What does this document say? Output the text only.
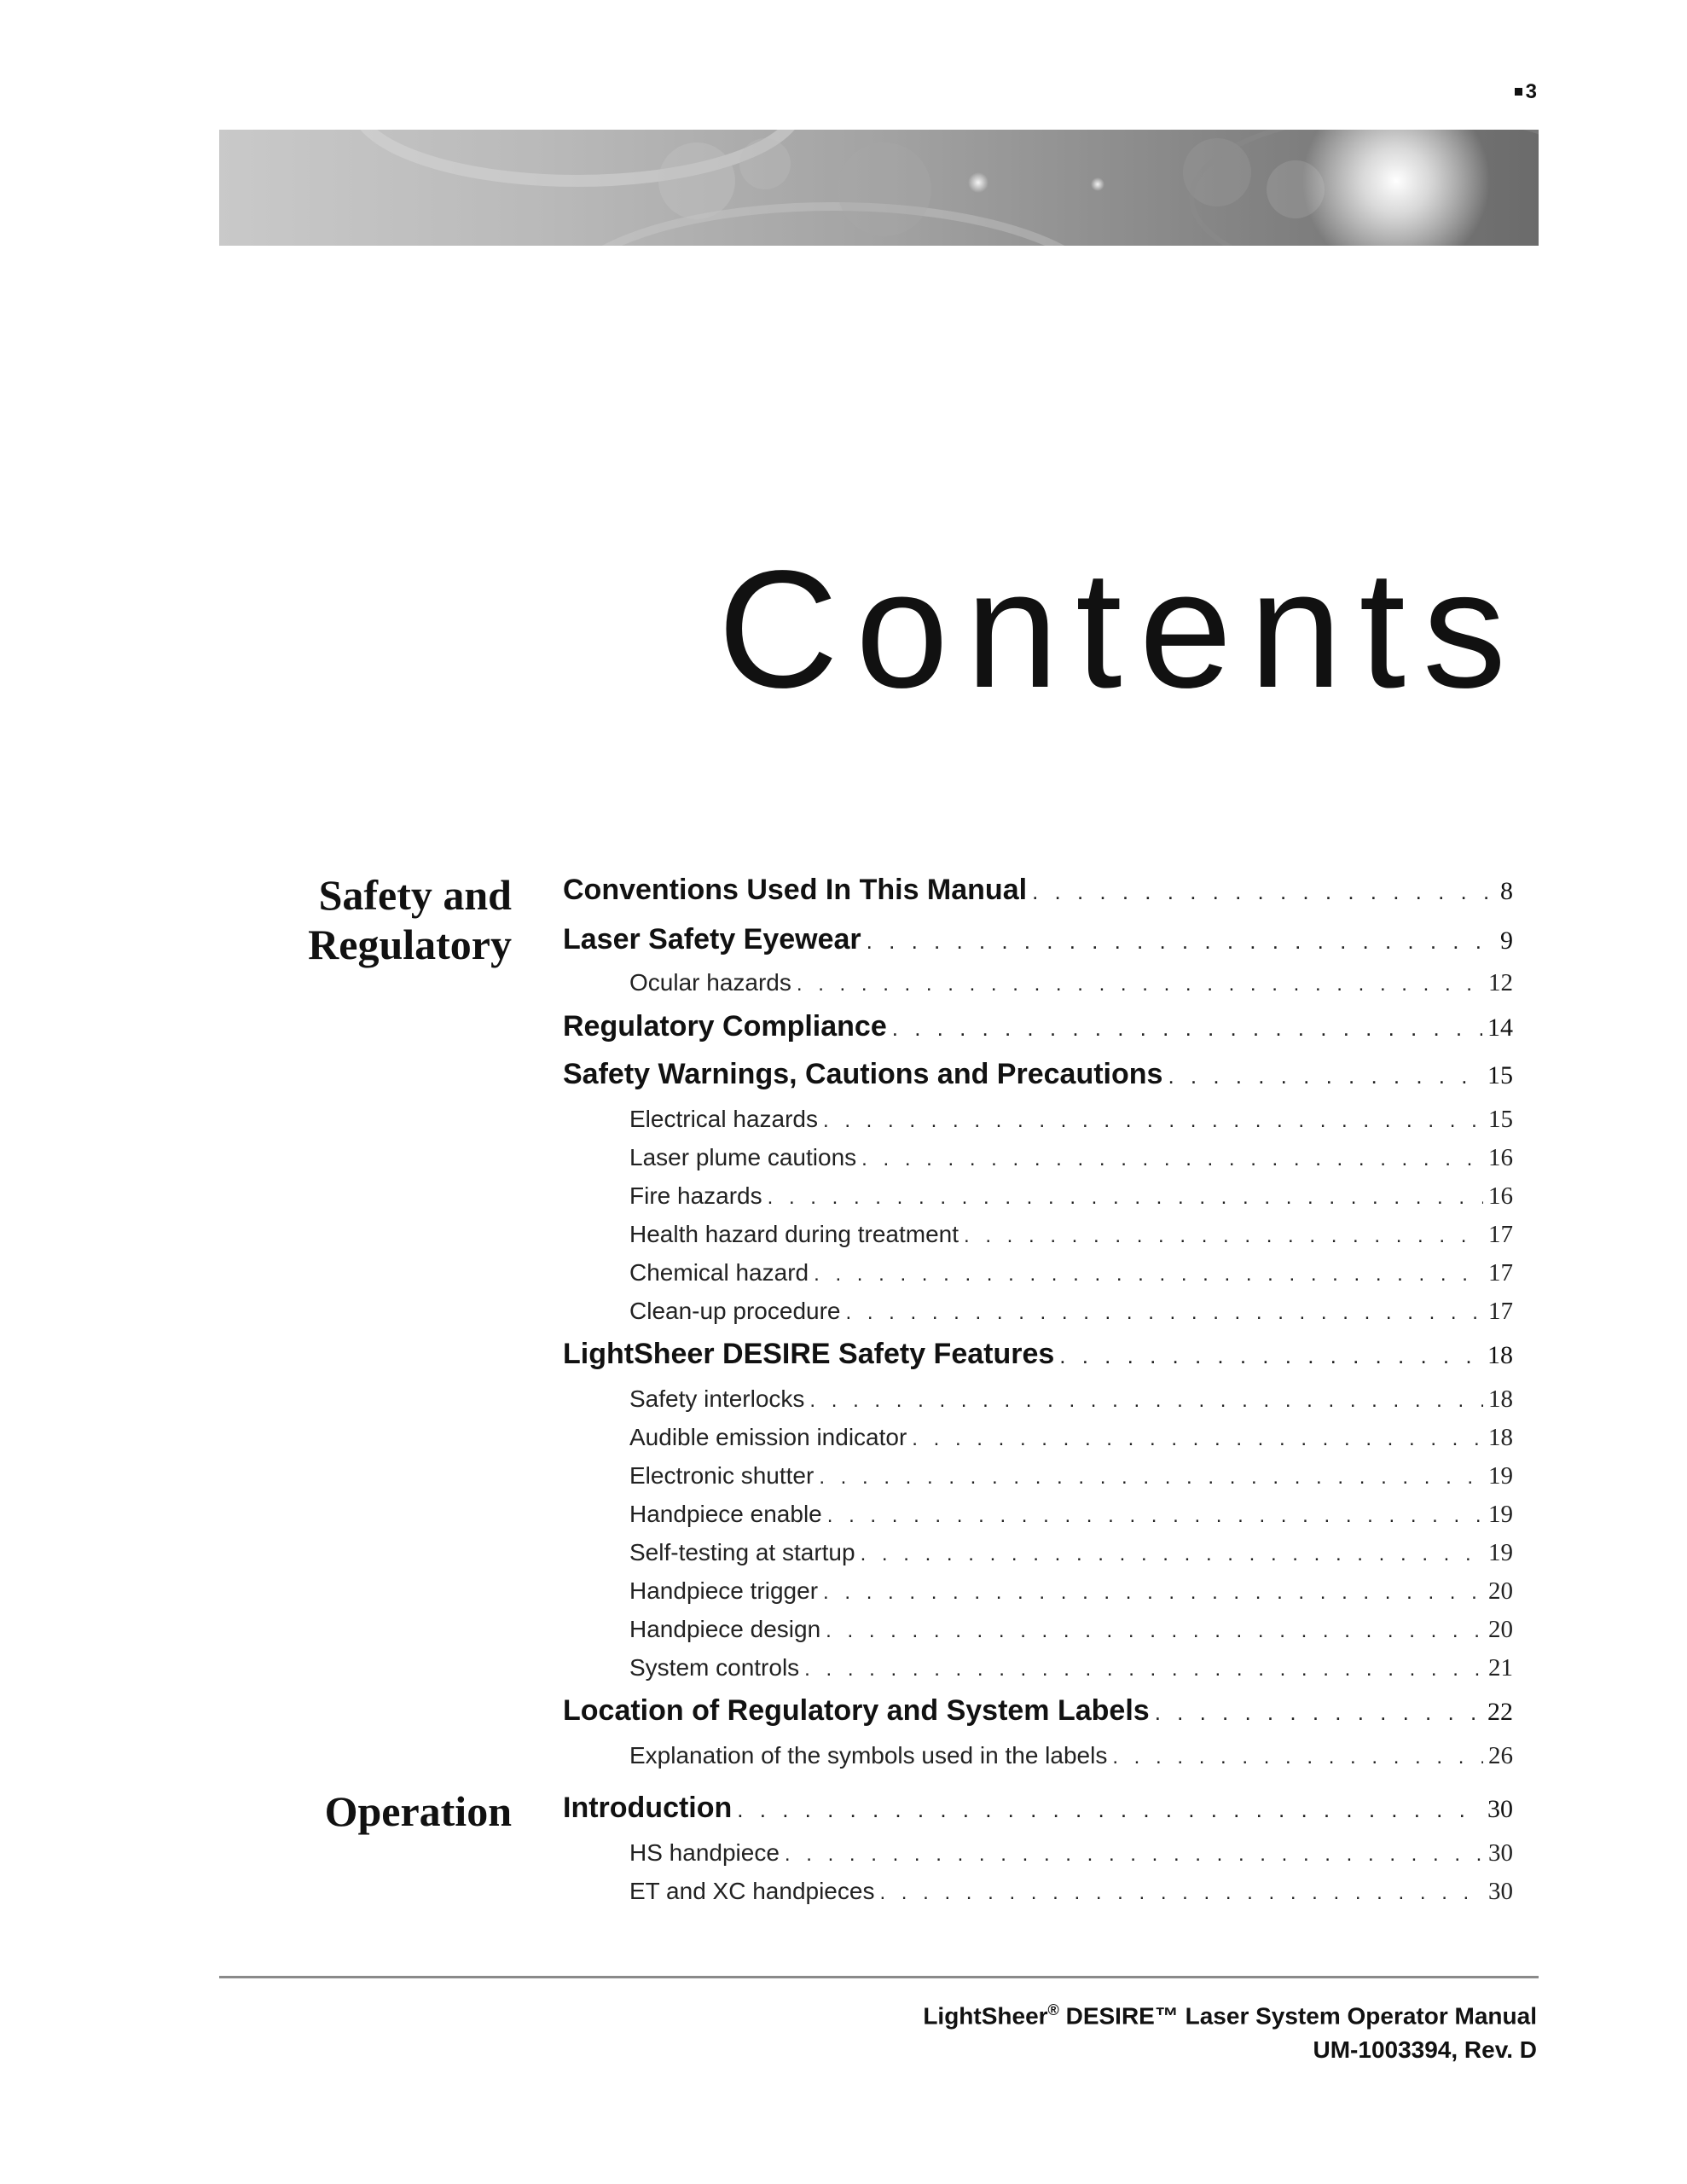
3
Contents
Safety and
Regulatory
Operation
Conventions Used In This Manual . . .	8
Laser Safety Eyewear . . .	9
Ocular hazards . . .	12
Regulatory Compliance . . .	14
Safety Warnings, Cautions and Precautions . . .	15
Electrical hazards . . .	15
Laser plume cautions . . .	16
Fire hazards . . .	16
Health hazard during treatment . . .	17
Chemical hazard . . .	17
Clean-up procedure . . .	17
LightSheer DESIRE Safety Features . . .	18
Safety interlocks . . .	18
Audible emission indicator . . .	18
Electronic shutter . . .	19
Handpiece enable . . .	19
Self-testing at startup . . .	19
Handpiece trigger . . .	20
Handpiece design . . .	20
System controls . . .	21
Location of Regulatory and System Labels . . .	22
Explanation of the symbols used in the labels . . .	26
Introduction . . .	30
HS handpiece . . .	30
ET and XC handpieces . . .	30
LightSheer® DESIRE™ Laser System Operator Manual
UM-1003394, Rev. D
